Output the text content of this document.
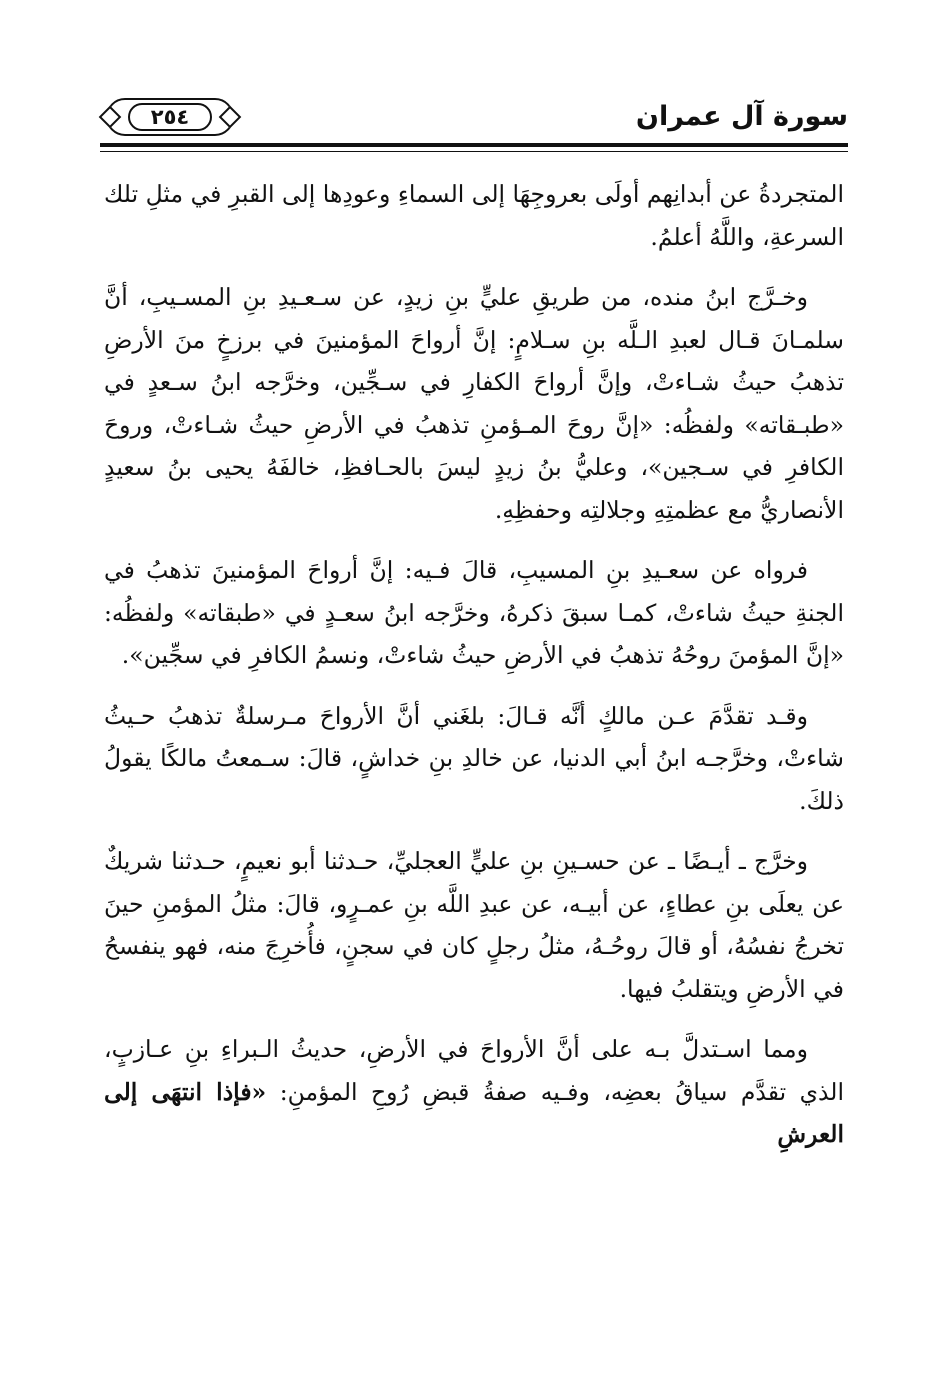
سورة آل عمران
٢٥٤

المتجردةُ عن أبدانِهم أولَى بعروجِهَا إلى السماءِ وعودِها إلى القبرِ في مثلِ تلك السرعةِ، واللَّهُ أعلمُ.

وخـرَّج ابنُ منده، من طريقِ عليٍّ بنِ زيدٍ، عن سـعـيدِ بنِ المسـيبِ، أنَّ سلمـانَ قـال لعبدِ الـلَّه بنِ سـلامٍ: إنَّ أرواحَ المؤمنينَ في برزخٍ منَ الأرضِ تذهبُ حيثُ شـاءتْ، وإنَّ أرواحَ الكفارِ في سـجِّين، وخرَّجه ابنُ سـعدٍ في «طبـقاته» ولفظُه: «إنَّ روحَ المـؤمنِ تذهبُ في الأرضِ حيثُ شـاءتْ، وروحَ الكافرِ في سـجين»، وعليُّ بنُ زيدٍ ليسَ بالحـافظِ، خالفَهُ يحيى بنُ سعيدٍ الأنصاريُّ مع عظمتِهِ وجلالتِه وحفظِهِ.

فرواه عن سعـيدِ بنِ المسيبِ، قالَ فـيه: إنَّ أرواحَ المؤمنينَ تذهبُ في الجنةِ حيثُ شاءتْ، كمـا سبقَ ذكرهُ، وخرَّجه ابنُ سعـدٍ في «طبقاته» ولفظُه: «إنَّ المؤمنَ روحُهُ تذهبُ في الأرضِ حيثُ شاءتْ، ونسمُ الكافرِ في سجِّين».

وقـد تقدَّمَ عـن مالكٍ أنَّه قـالَ: بلغَني أنَّ الأرواحَ مـرسلةٌ تذهبُ حـيثُ شاءتْ، وخرَّجـه ابنُ أبي الدنيا، عن خالدِ بنِ خداشٍ، قالَ: سـمعتُ مالكًا يقولُ ذلكَ.

وخرَّج ـ أيـضًا ـ عن حسـينِ بنِ عليٍّ العجليِّ، حـدثنا أبو نعيمٍ، حـدثنا شريكٌ عن يعلَى بنِ عطاءٍ، عن أبيـه، عن عبدِ اللَّه بنِ عمـرٍو، قالَ: مثلُ المؤمنِ حينَ تخرجُ نفسُهُ، أو قالَ روحُـهُ، مثلُ رجلٍ كان في سجنٍ، فأُخرِجَ منه، فهو ينفسحُ في الأرضِ ويتقلبُ فيها.

ومما اسـتدلَّ بـه على أنَّ الأرواحَ في الأرضِ، حديثُ الـبراءِ بنِ عـازبٍ، الذي تقدَّم سياقُ بعضِه، وفـيه صفةُ قبضِ رُوحِ المؤمنِ: «فإذا انتهَى إلى العرشِ
